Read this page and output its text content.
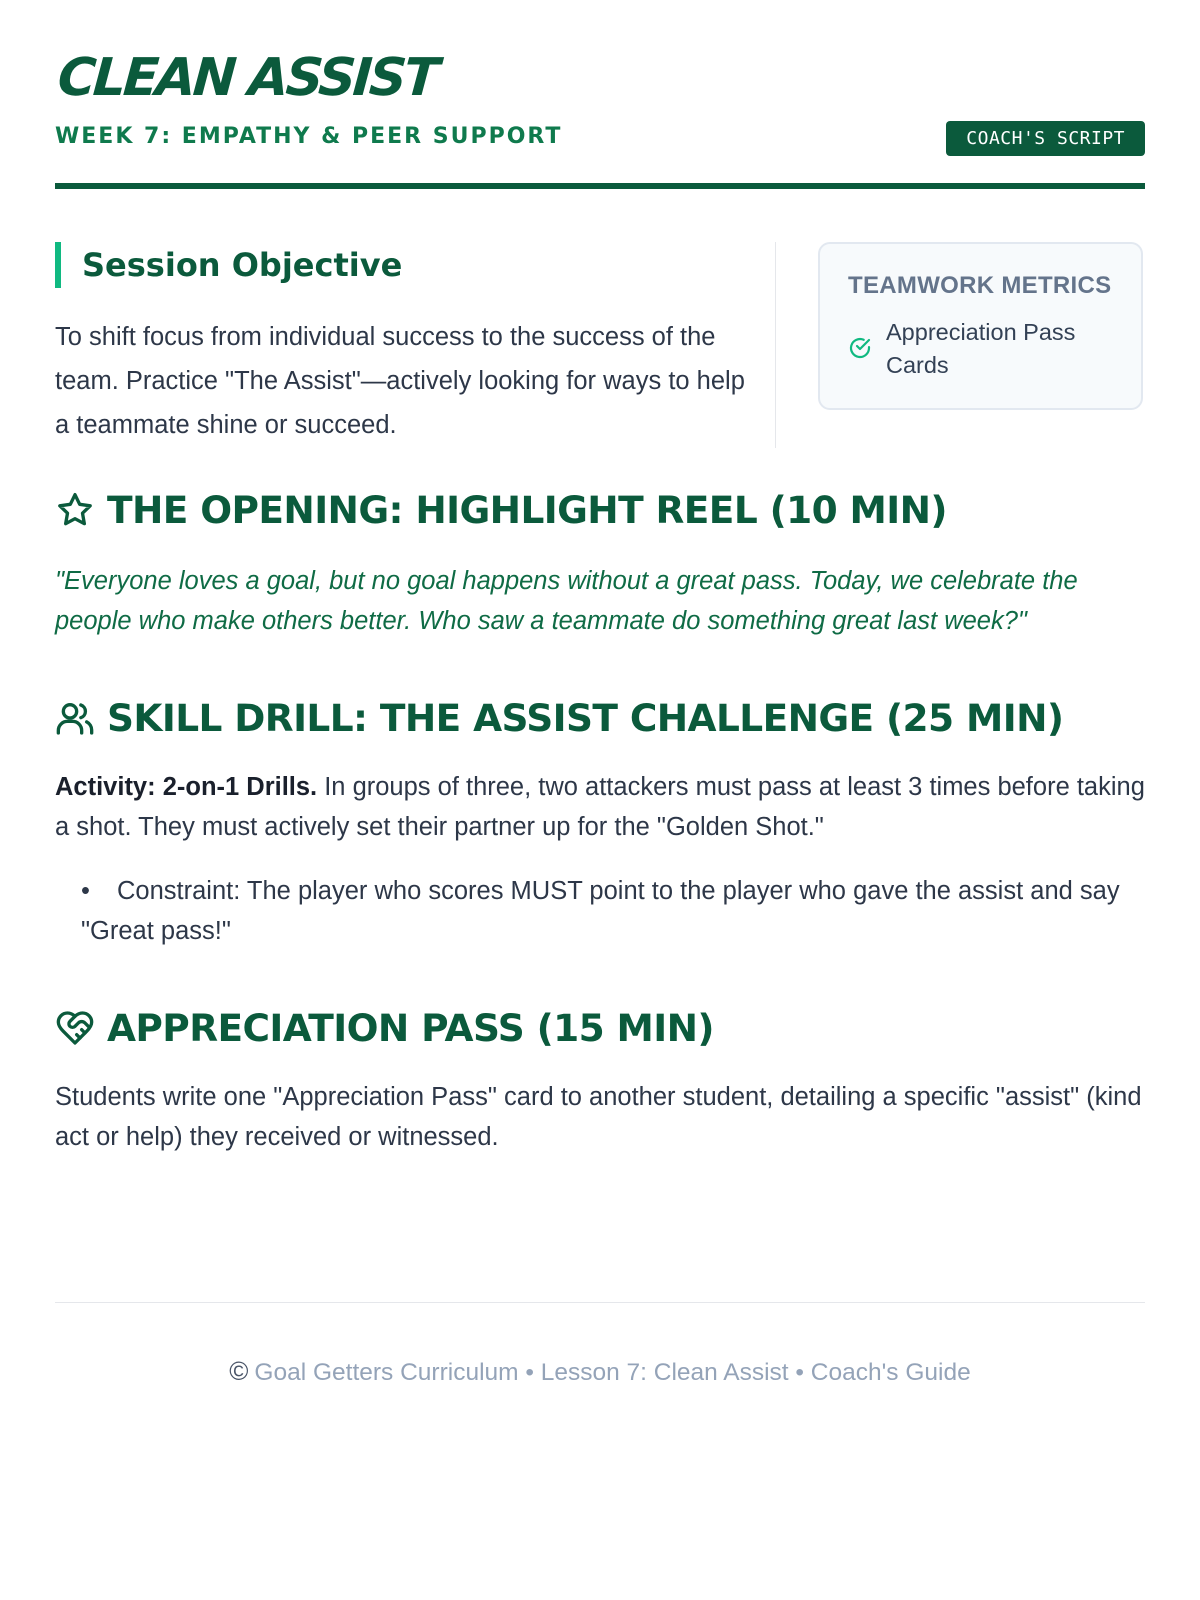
CLEAN ASSIST

WEEK 7: EMPATHY & PEER SUPPORT	COACH'S SCRIPT
Session Objective

To shift focus from individual success to the success of the team. Practice "The Assist"—actively looking for ways to help a teammate shine or succeed.

TEAMWORK METRICS
Appreciation Pass Cards
THE OPENING: HIGHLIGHT REEL (10 MIN)

"Everyone loves a goal, but no goal happens without a great pass. Today, we celebrate the people who make others better. Who saw a teammate do something great last week?"

SKILL DRILL: THE ASSIST CHALLENGE (25 MIN)

Activity: 2-on-1 Drills. In groups of three, two attackers must pass at least 3 times before taking a shot. They must actively set their partner up for the "Golden Shot."

• Constraint: The player who scores MUST point to the player who gave the assist and say "Great pass!"
APPRECIATION PASS (15 MIN)

Students write one "Appreciation Pass" card to another student, detailing a specific "assist" (kind act or help) they received or witnessed.

© Goal Getters Curriculum • Lesson 7: Clean Assist • Coach's Guide
